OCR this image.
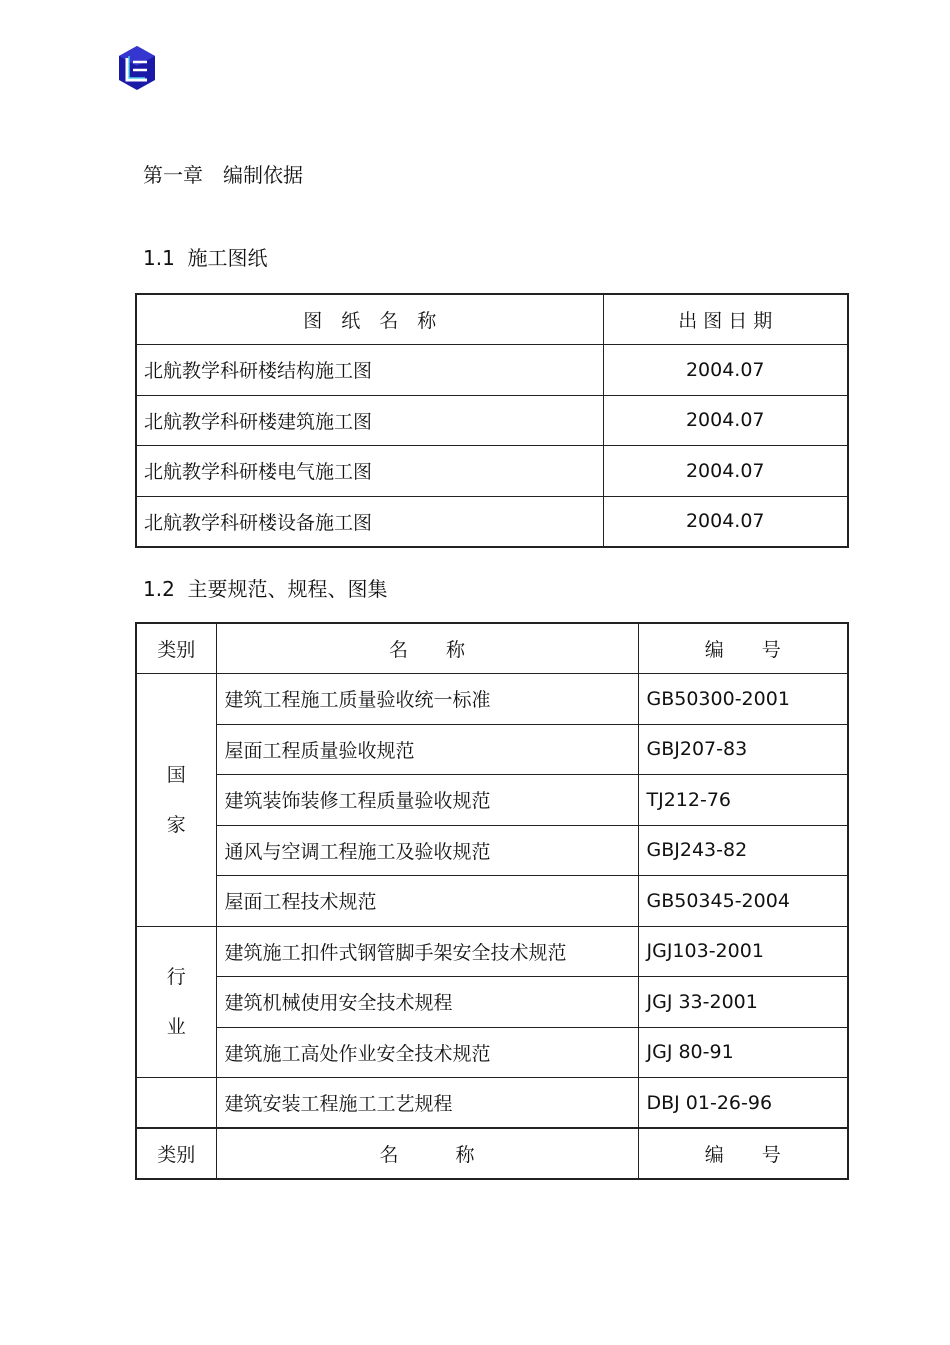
第一章　编制依据
1.1  施工图纸
图　纸　名　称	出 图 日 期
北航教学科研楼结构施工图	2004.07
北航教学科研楼建筑施工图	2004.07
北航教学科研楼电气施工图	2004.07
北航教学科研楼设备施工图	2004.07
1.2  主要规范、规程、图集
类别	名　　称	编　　号
国
家	建筑工程施工质量验收统一标准	GB50300-2001
	屋面工程质量验收规范	GBJ207-83
	建筑装饰装修工程质量验收规范	TJ212-76
	通风与空调工程施工及验收规范	GBJ243-82
	屋面工程技术规范	GB50345-2004
行
业	建筑施工扣件式钢管脚手架安全技术规范	JGJ103-2001
	建筑机械使用安全技术规程	JGJ 33-2001
	建筑施工高处作业安全技术规范	JGJ 80-91
	建筑安装工程施工工艺规程	DBJ 01-26-96
类别	名　　　称	编　　号
